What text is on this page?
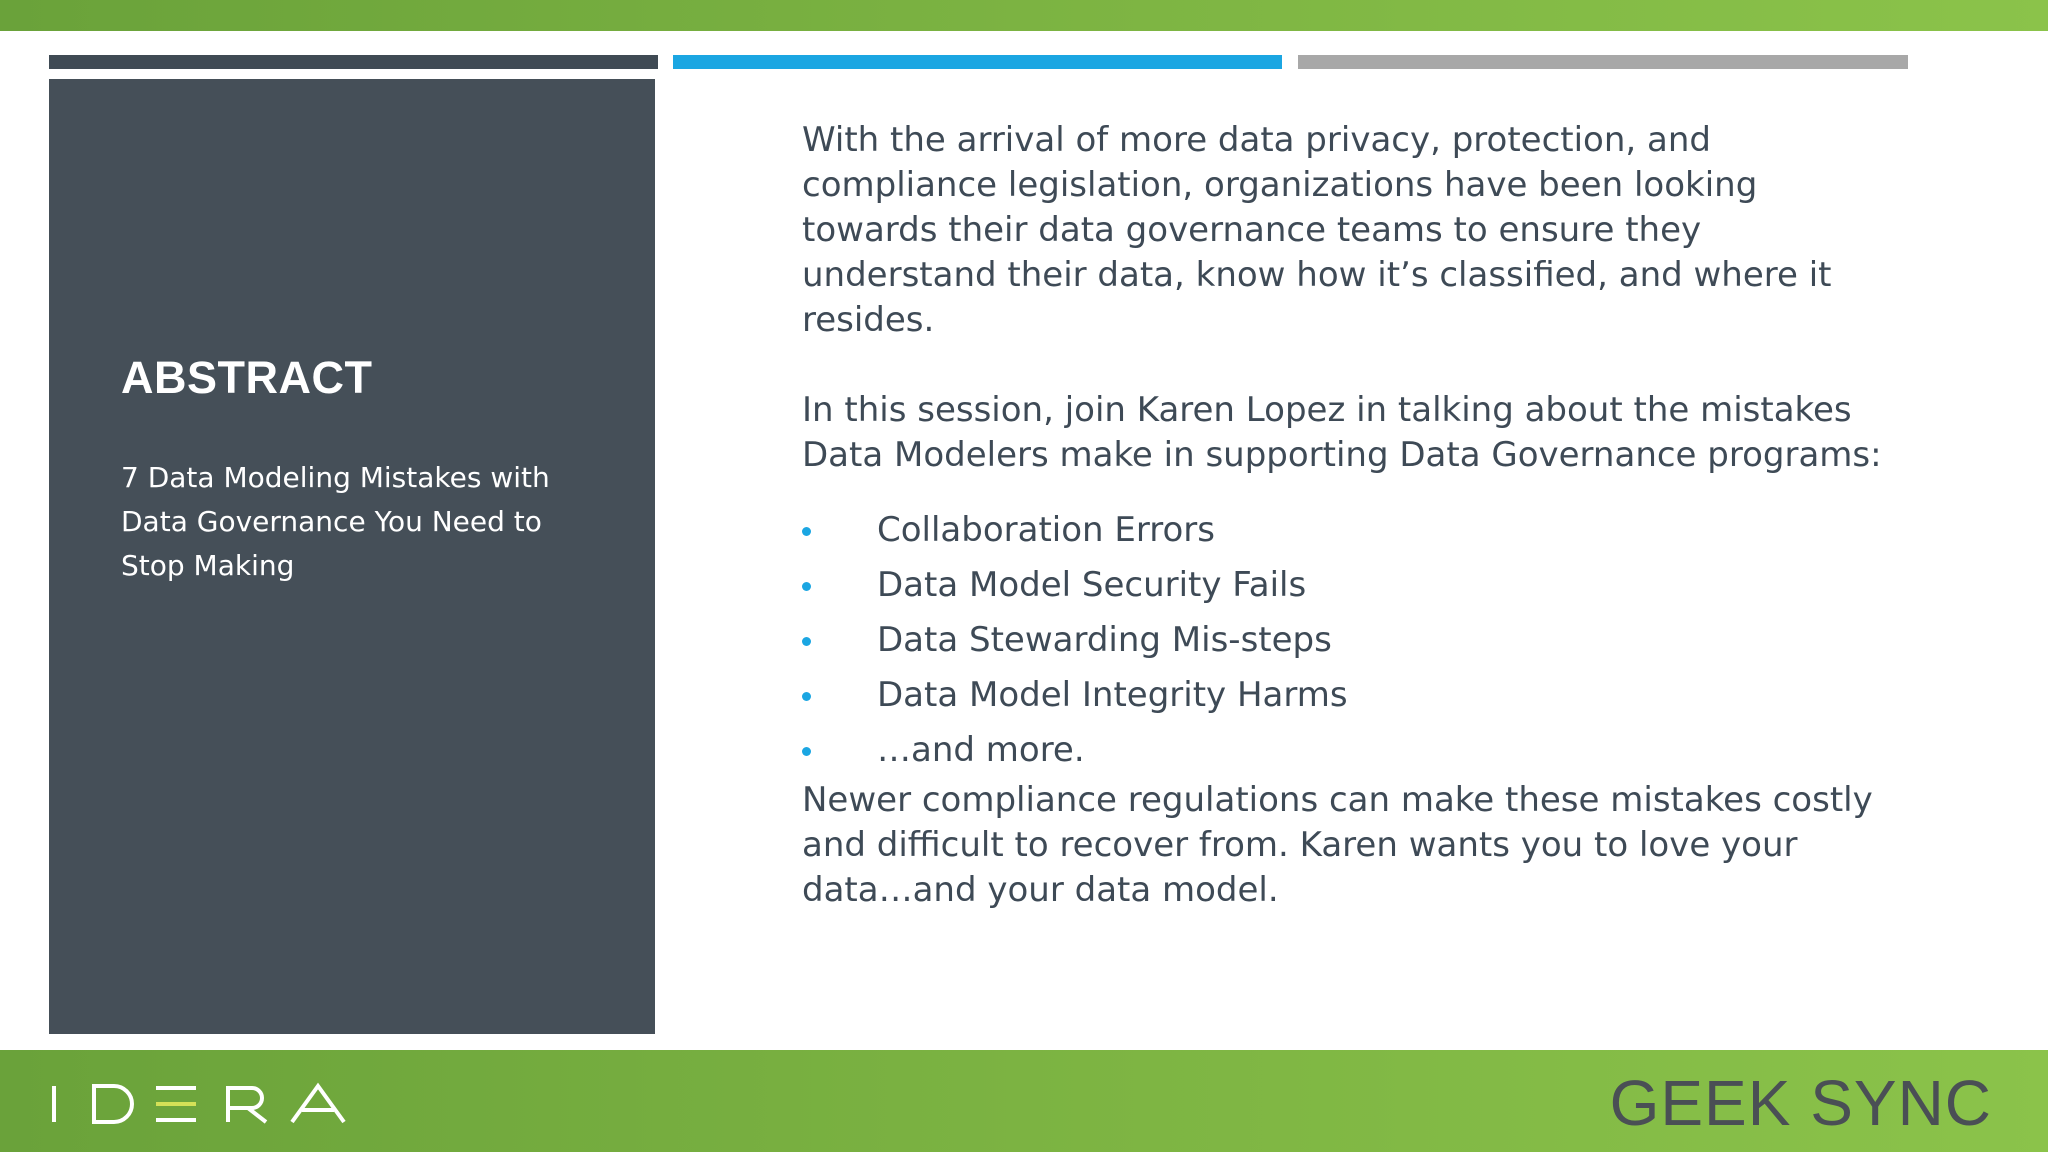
ABSTRACT

7 Data Modeling Mistakes with Data Governance You Need to Stop Making

With the arrival of more data privacy, protection, and compliance legislation, organizations have been looking towards their data governance teams to ensure they understand their data, know how it’s classified, and where it resides.

In this session, join Karen Lopez in talking about the mistakes Data Modelers make in supporting Data Governance programs:

Collaboration Errors
Data Model Security Fails
Data Stewarding Mis-steps
Data Model Integrity Harms
…and more.

Newer compliance regulations can make these mistakes costly and difficult to recover from. Karen wants you to love your data…and your data model.

GEEK SYNC
